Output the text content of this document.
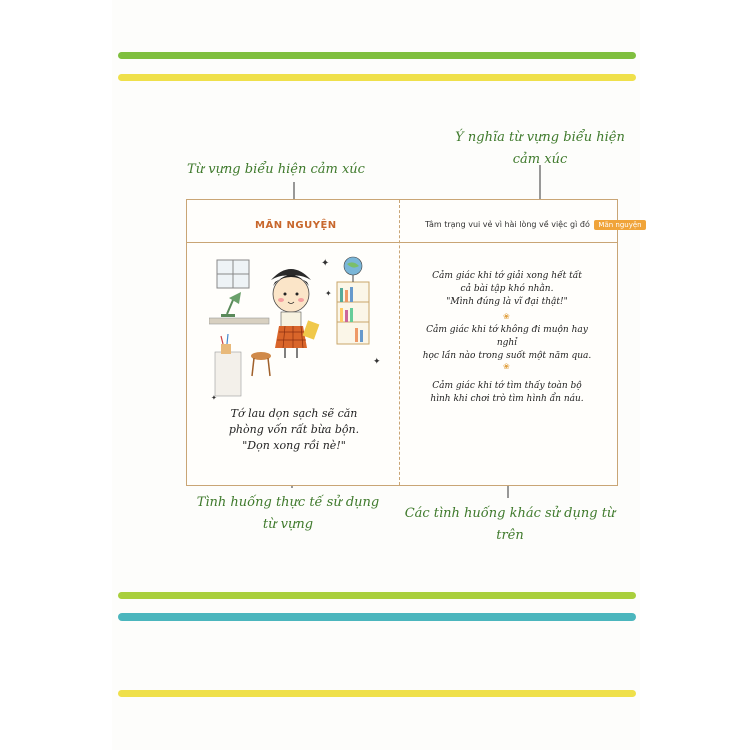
Từ vựng biểu hiện cảm xúc
Ý nghĩa từ vựng biểu hiện
cảm xúc
Tình huống thực tế sử dụng
từ vựng
Các tình huống khác sử dụng từ trên
MÃN NGUYỆN	Tâm trạng vui vẻ vì hài lòng về việc gì đó Mãn nguyện
✦
✦
✦
✦
Tớ lau dọn sạch sẽ căn
phòng vốn rất bừa bộn.
"Dọn xong rồi nè!"
Cảm giác khi tớ giải xong hết tất
cả bài tập khó nhằn.
"Mình đúng là vĩ đại thật!"
❀
Cảm giác khi tớ không đi muộn hay nghỉ
học lần nào trong suốt một năm qua.
❀
Cảm giác khi tớ tìm thấy toàn bộ
hình khi chơi trò tìm hình ẩn náu.
